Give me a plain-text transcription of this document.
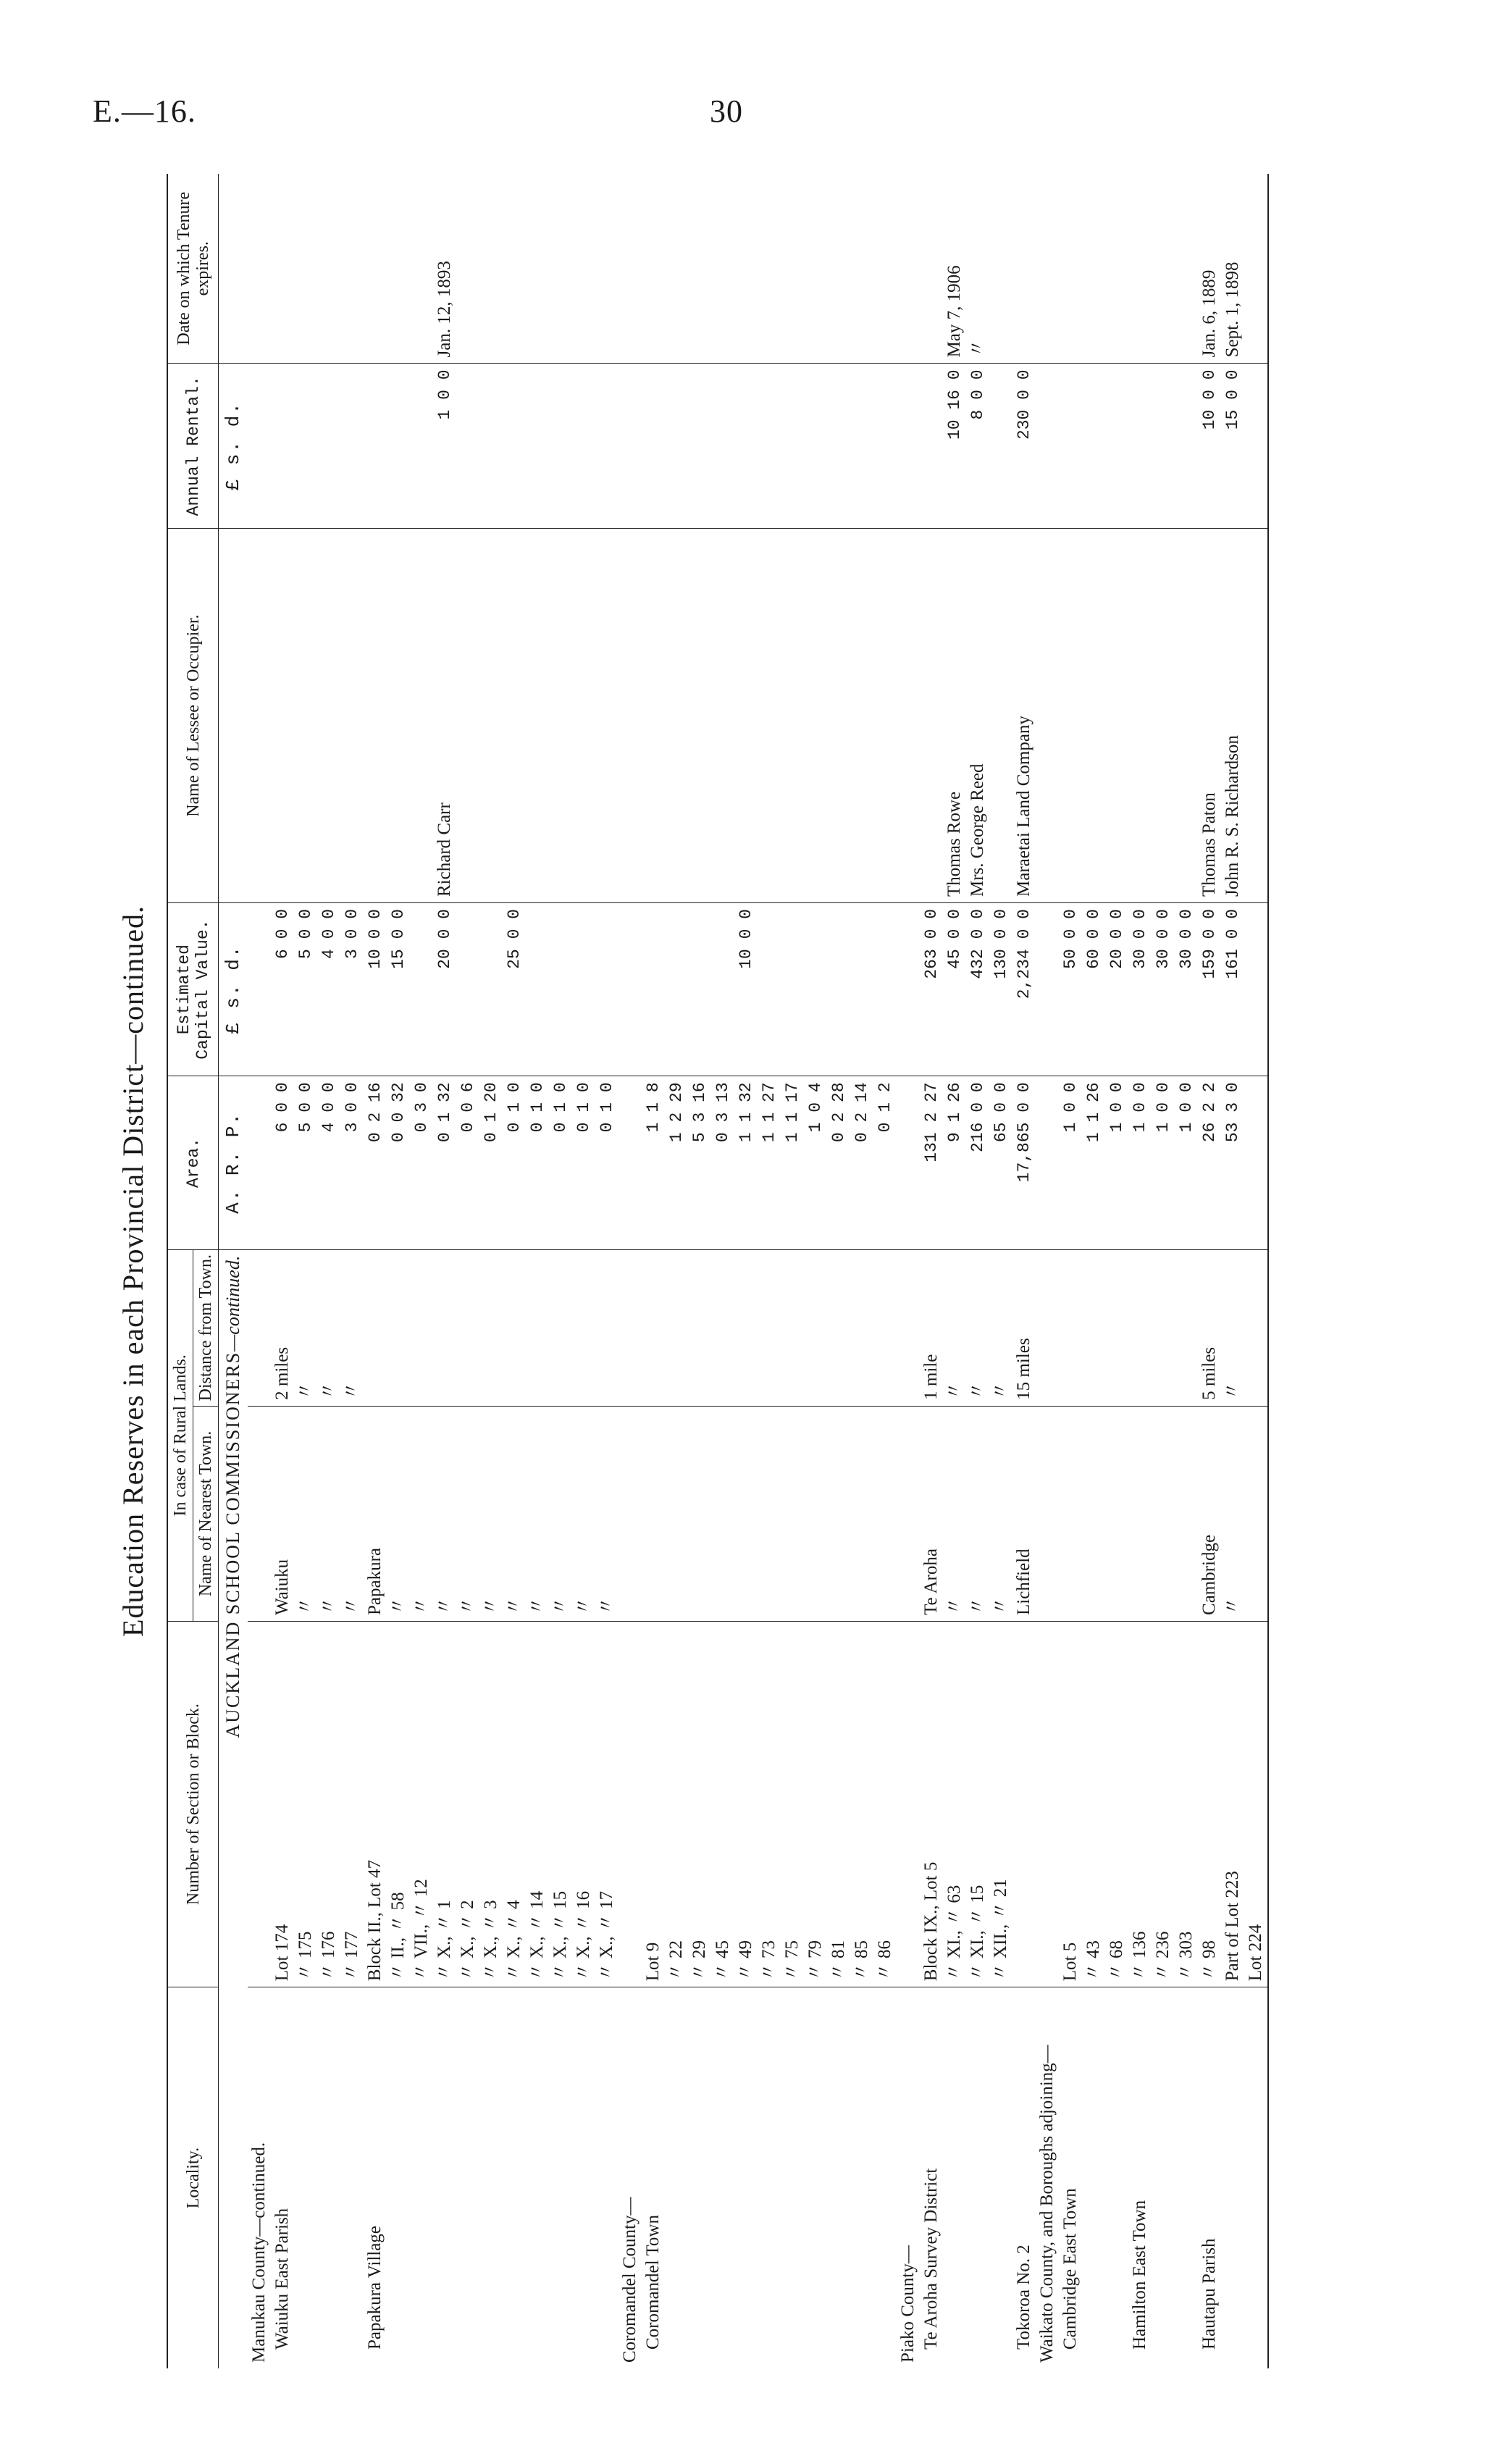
E.—16.	30
Education Reserves in each Provincial District—continued.
Locality.	Number of Section or Block.	In case of Rural Lands.		Area.	Estimated Capital Value.	Name of Lessee or Occupier.	Annual Rental.	Date on which Tenure expires.
		Name of Nearest Town.	Distance from Town.					
AUCKLAND SCHOOL COMMISSIONERS—continued.				A. R. P.	£ s. d.		£ s. d.	
Manukau County—continued.								
Waiuku East Parish	Lot 174	Waiuku	2 miles	6 0 0	6 0 0			
	〃 175	〃	〃	5 0 0	5 0 0			
	〃 176	〃	〃	4 0 0	4 0 0			
	〃 177	〃	〃	3 0 0	3 0 0			
Papakura Village	Block II., Lot 47	Papakura		0 2 16	10 0 0			
	〃 II., 〃 58	〃		0 0 32	15 0 0			
	〃 VII., 〃 12	〃		0 3 0				
	〃 X., 〃 1	〃		0 1 32	20 0 0	Richard Carr	1 0 0	Jan. 12, 1893
	〃 X., 〃 2	〃		0 0 6				
	〃 X., 〃 3	〃		0 1 20				
	〃 X., 〃 4	〃		0 1 0	25 0 0			
	〃 X., 〃 14	〃		0 1 0				
	〃 X., 〃 15	〃		0 1 0				
	〃 X., 〃 16	〃		0 1 0				
	〃 X., 〃 17	〃		0 1 0				
Coromandel County—								
Coromandel Town	Lot 9			1 1 8				
	〃 22			1 2 29				
	〃 29			5 3 16				
	〃 45			0 3 13				
	〃 49			1 1 32	10 0 0			
	〃 73			1 1 27				
	〃 75			1 1 17				
	〃 79			1 0 4				
	〃 81			0 2 28				
	〃 85			0 2 14				
	〃 86			0 1 2				
Piako County—								
Te Aroha Survey District	Block IX., Lot 5	Te Aroha	1 mile	131 2 27	263 0 0			
	〃 XI., 〃 63	〃	〃	9 1 26	45 0 0	Thomas Rowe	10 16 0	May 7, 1906
	〃 XI., 〃 15	〃	〃	216 0 0	432 0 0	Mrs. George Reed	8 0 0	〃
	〃 XII., 〃 21	〃	〃	65 0 0	130 0 0			
Tokoroa No. 2		Lichfield	15 miles	17,865 0 0	2,234 0 0	Maraetai Land Company	230 0 0	
Waikato County, and Boroughs adjoining—								
Cambridge East Town	Lot 5			1 0 0	50 0 0			
	〃 43			1 1 26	60 0 0			
	〃 68			1 0 0	20 0 0			
Hamilton East Town	〃 136			1 0 0	30 0 0			
	〃 236			1 0 0	30 0 0			
	〃 303			1 0 0	30 0 0			
Hautapu Parish	〃 98	Cambridge	5 miles	26 2 2	159 0 0	Thomas Paton	10 0 0	Jan. 6, 1889
	Part of Lot 223	〃	〃	53 3 0	161 0 0	John R. S. Richardson	15 0 0	Sept. 1, 1898
	Lot 224							
